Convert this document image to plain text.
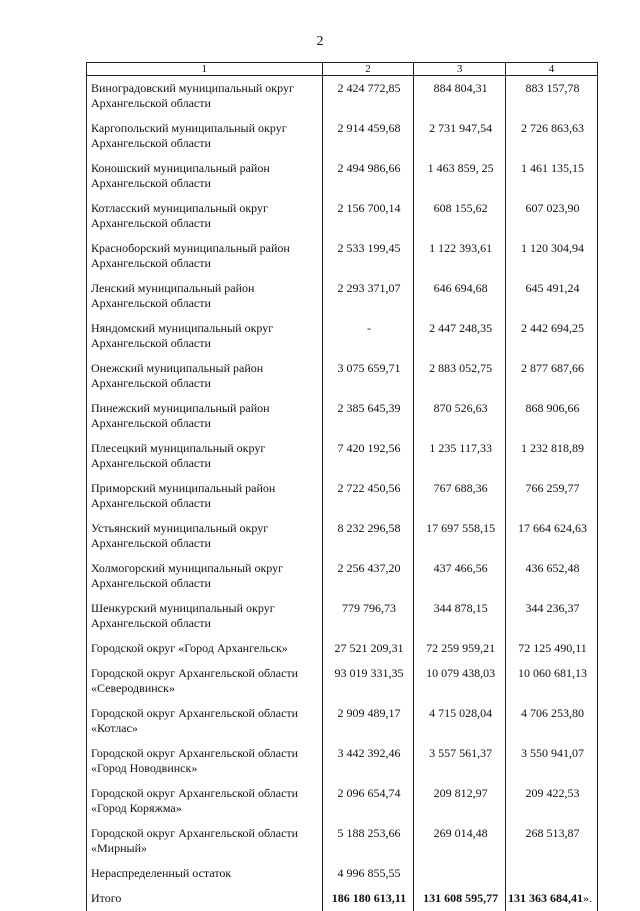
2
1	2	3	4
Виноградовский муниципальный округ Архангельской области	2 424 772,85	884 804,31	883 157,78
Каргопольский муниципальный округ Архангельской области	2 914 459,68	2 731 947,54	2 726 863,63
Коношский муниципальный район Архангельской области	2 494 986,66	1 463 859, 25	1 461 135,15
Котласский муниципальный округ Архангельской области	2 156 700,14	608 155,62	607 023,90
Красноборский муниципальный район Архангельской области	2 533 199,45	1 122 393,61	1 120 304,94
Ленский муниципальный район Архангельской области	2 293 371,07	646 694,68	645 491,24
Няндомский муниципальный округ Архангельской области	-	2 447 248,35	2 442 694,25
Онежский муниципальный район Архангельской области	3 075 659,71	2 883 052,75	2 877 687,66
Пинежский муниципальный район Архангельской области	2 385 645,39	870 526,63	868 906,66
Плесецкий муниципальный округ Архангельской области	7 420 192,56	1 235 117,33	1 232 818,89
Приморский муниципальный район Архангельской области	2 722 450,56	767 688,36	766 259,77
Устьянский муниципальный округ Архангельской области	8 232 296,58	17 697 558,15	17 664 624,63
Холмогорский муниципальный округ Архангельской области	2 256 437,20	437 466,56	436 652,48
Шенкурский муниципальный округ Архангельской области	779 796,73	344 878,15	344 236,37
Городской округ «Город Архангельск»	27 521 209,31	72 259 959,21	72 125 490,11
Городской округ Архангельской области «Северодвинск»	93 019 331,35	10 079 438,03	10 060 681,13
Городской округ Архангельской области «Котлас»	2 909 489,17	4 715 028,04	4 706 253,80
Городской округ Архангельской области «Город Новодвинск»	3 442 392,46	3 557 561,37	3 550 941,07
Городской округ Архангельской области «Город Коряжма»	2 096 654,74	209 812,97	209 422,53
Городской округ Архангельской области «Мирный»	5 188 253,66	269 014,48	268 513,87
Нераспределенный остаток	4 996 855,55		
Итого	186 180 613,11	131 608 595,77	131 363 684,41».
